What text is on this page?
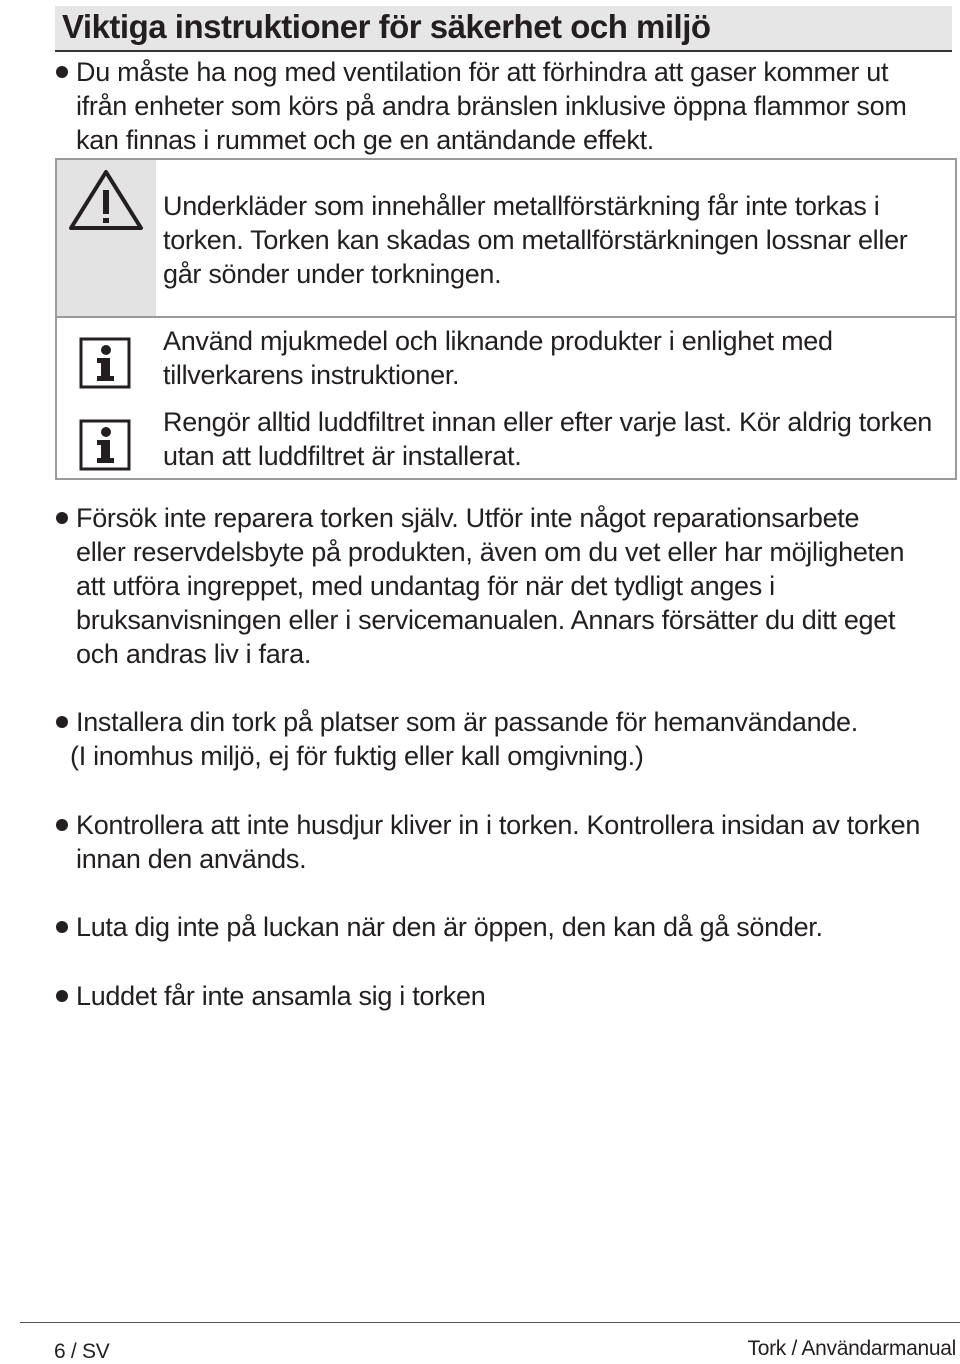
Viktiga instruktioner för säkerhet och miljö
Du måste ha nog med ventilation för att förhindra att gaser kommer ut
ifrån enheter som körs på andra bränslen inklusive öppna flammor som
kan finnas i rummet och ge en antändande effekt.
Underkläder som innehåller metallförstärkning får inte torkas i
torken. Torken kan skadas om metallförstärkningen lossnar eller
går sönder under torkningen.
Använd mjukmedel och liknande produkter i enlighet med
tillverkarens instruktioner.
Rengör alltid luddfiltret innan eller efter varje last. Kör aldrig torken
utan att luddfiltret är installerat.
Försök inte reparera torken själv. Utför inte något reparationsarbete
eller reservdelsbyte på produkten, även om du vet eller har möjligheten
att utföra ingreppet, med undantag för när det tydligt anges i
bruksanvisningen eller i servicemanualen. Annars försätter du ditt eget
och andras liv i fara.
Installera din tork på platser som är passande för hemanvändande.
(I inomhus miljö, ej för fuktig eller kall omgivning.)
Kontrollera att inte husdjur kliver in i torken. Kontrollera insidan av torken
innan den används.
Luta dig inte på luckan när den är öppen, den kan då gå sönder.
Luddet får inte ansamla sig i torken
6 / SV	Tork / Användarmanual
